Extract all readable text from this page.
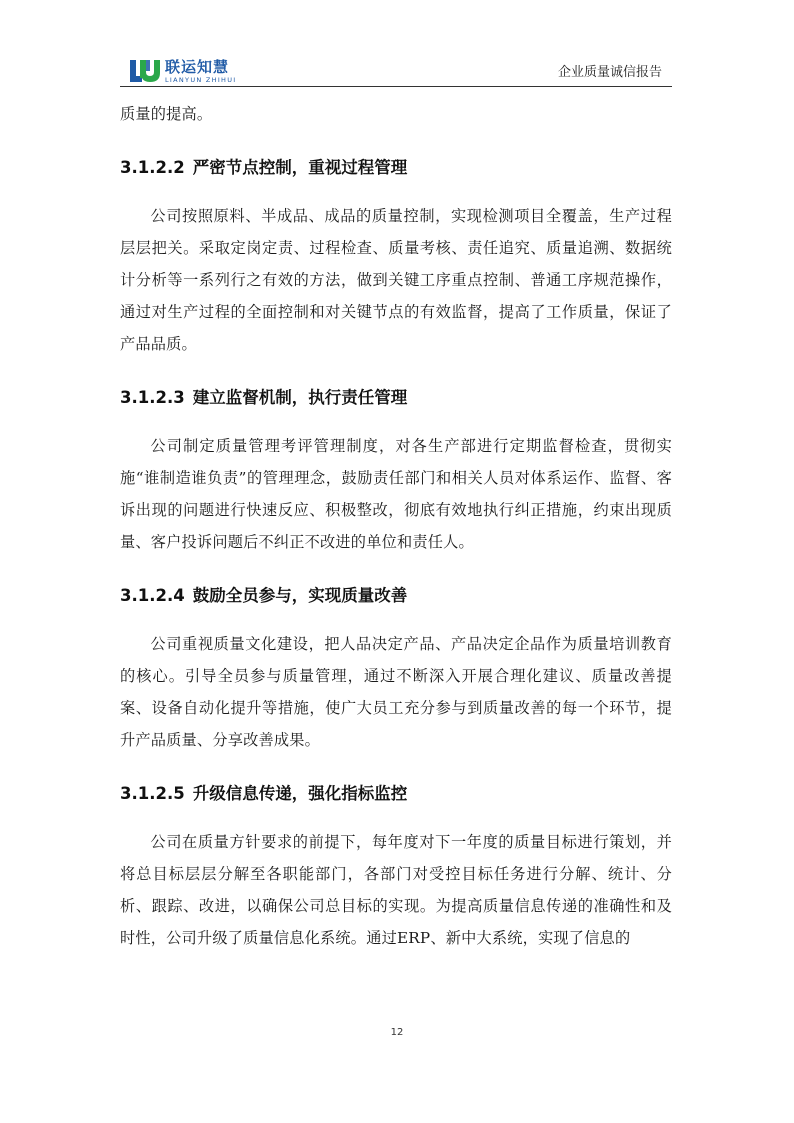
联运知慧
LIANYUN ZHIHUI	企业质量诚信报告

质量的提高。

3.1.2.2 严密节点控制，重视过程管理

公司按照原料、半成品、成品的质量控制，实现检测项目全覆盖，生产过程层层把关。采取定岗定责、过程检查、质量考核、责任追究、质量追溯、数据统计分析等一系列行之有效的方法，做到关键工序重点控制、普通工序规范操作，通过对生产过程的全面控制和对关键节点的有效监督，提高了工作质量，保证了产品品质。

3.1.2.3 建立监督机制，执行责任管理

公司制定质量管理考评管理制度，对各生产部进行定期监督检查，贯彻实施“谁制造谁负责”的管理理念，鼓励责任部门和相关人员对体系运作、监督、客诉出现的问题进行快速反应、积极整改，彻底有效地执行纠正措施，约束出现质量、客户投诉问题后不纠正不改进的单位和责任人。

3.1.2.4 鼓励全员参与，实现质量改善

公司重视质量文化建设，把人品决定产品、产品决定企品作为质量培训教育的核心。引导全员参与质量管理，通过不断深入开展合理化建议、质量改善提案、设备自动化提升等措施，使广大员工充分参与到质量改善的每一个环节，提升产品质量、分享改善成果。

3.1.2.5 升级信息传递，强化指标监控

公司在质量方针要求的前提下，每年度对下一年度的质量目标进行策划，并将总目标层层分解至各职能部门，各部门对受控目标任务进行分解、统计、分析、跟踪、改进，以确保公司总目标的实现。为提高质量信息传递的准确性和及时性，公司升级了质量信息化系统。通过ERP、新中大系统，实现了信息的

12
